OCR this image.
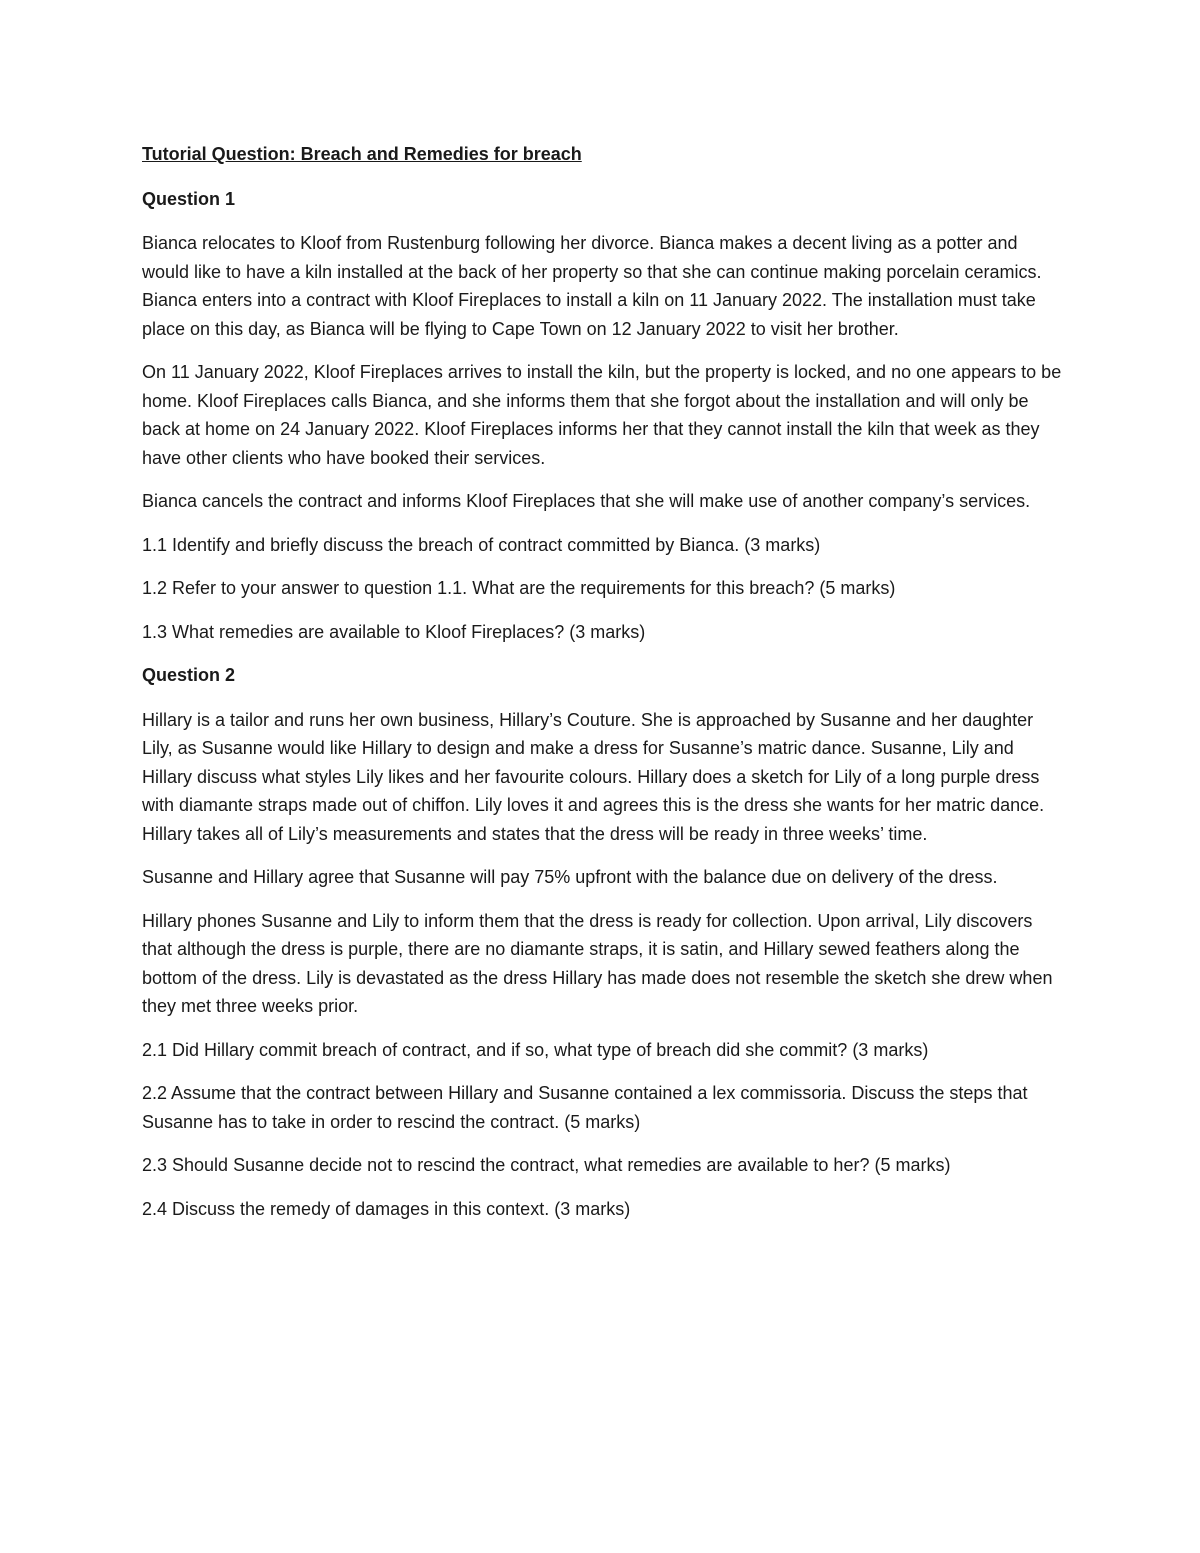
Tutorial Question: Breach and Remedies for breach
Question 1

Bianca relocates to Kloof from Rustenburg following her divorce. Bianca makes a decent living as a potter and would like to have a kiln installed at the back of her property so that she can continue making porcelain ceramics. Bianca enters into a contract with Kloof Fireplaces to install a kiln on 11 January 2022. The installation must take place on this day, as Bianca will be flying to Cape Town on 12 January 2022 to visit her brother.

On 11 January 2022, Kloof Fireplaces arrives to install the kiln, but the property is locked, and no one appears to be home. Kloof Fireplaces calls Bianca, and she informs them that she forgot about the installation and will only be back at home on 24 January 2022. Kloof Fireplaces informs her that they cannot install the kiln that week as they have other clients who have booked their services.

Bianca cancels the contract and informs Kloof Fireplaces that she will make use of another company’s services.

1.1 Identify and briefly discuss the breach of contract committed by Bianca. (3 marks)

1.2 Refer to your answer to question 1.1. What are the requirements for this breach? (5 marks)

1.3 What remedies are available to Kloof Fireplaces? (3 marks)

Question 2

Hillary is a tailor and runs her own business, Hillary’s Couture. She is approached by Susanne and her daughter Lily, as Susanne would like Hillary to design and make a dress for Susanne’s matric dance. Susanne, Lily and Hillary discuss what styles Lily likes and her favourite colours. Hillary does a sketch for Lily of a long purple dress with diamante straps made out of chiffon. Lily loves it and agrees this is the dress she wants for her matric dance. Hillary takes all of Lily’s measurements and states that the dress will be ready in three weeks’ time.

Susanne and Hillary agree that Susanne will pay 75% upfront with the balance due on delivery of the dress.

Hillary phones Susanne and Lily to inform them that the dress is ready for collection. Upon arrival, Lily discovers that although the dress is purple, there are no diamante straps, it is satin, and Hillary sewed feathers along the bottom of the dress. Lily is devastated as the dress Hillary has made does not resemble the sketch she drew when they met three weeks prior.

2.1 Did Hillary commit breach of contract, and if so, what type of breach did she commit? (3 marks)

2.2 Assume that the contract between Hillary and Susanne contained a lex commissoria. Discuss the steps that Susanne has to take in order to rescind the contract. (5 marks)

2.3 Should Susanne decide not to rescind the contract, what remedies are available to her? (5 marks)

2.4 Discuss the remedy of damages in this context. (3 marks)
